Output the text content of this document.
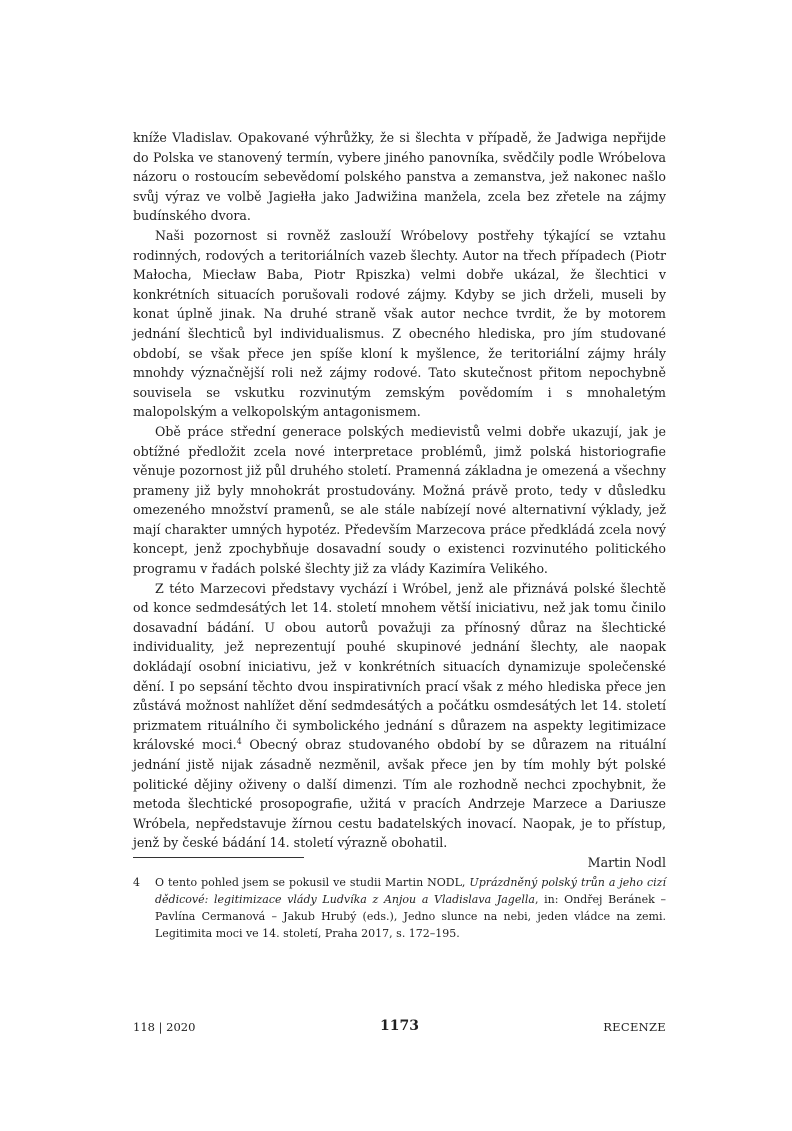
kníže Vladislav. Opakované výhrůžky, že si šlechta v případě, že Jadwiga nepřijde do Polska ve stanovený termín, vybere jiného panovníka, svědčily podle Wróbelova názoru o rostoucím sebevědomí polského panstva a zemanstva, jež nakonec našlo svůj výraz ve volbě Jagiełła jako Jadwižina manžela, zcela bez zřetele na zájmy budínského dvora.

Naši pozornost si rovněž zaslouží Wróbelovy postřehy týkající se vztahu rodinných, rodových a teritoriálních vazeb šlechty. Autor na třech případech (Piotr Małocha, Miecław Baba, Piotr Rpiszka) velmi dobře ukázal, že šlechtici v konkrétních situacích porušovali rodové zájmy. Kdyby se jich drželi, museli by konat úplně jinak. Na druhé straně však autor nechce tvrdit, že by motorem jednání šlechticů byl individualismus. Z obecného hlediska, pro jím studované období, se však přece jen spíše kloní k myšlence, že teritoriální zájmy hrály mnohdy význačnější roli než zájmy rodové. Tato skutečnost přitom nepochybně souvisela se vskutku rozvinutým zemským povědomím i s mnohaletým malopolským a velkopolským antagonismem.

Obě práce střední generace polských medievistů velmi dobře ukazují, jak je obtížné předložit zcela nové interpretace problémů, jimž polská historiografie věnuje pozornost již půl druhého století. Pramenná základna je omezená a všechny prameny již byly mnohokrát prostudovány. Možná právě proto, tedy v důsledku omezeného množství pramenů, se ale stále nabízejí nové alternativní výklady, jež mají charakter umných hypotéz. Především Marzecova práce předkládá zcela nový koncept, jenž zpochybňuje dosavadní soudy o existenci rozvinutého politického programu v řadách polské šlechty již za vlády Kazimíra Velikého.

Z této Marzecovi představy vychází i Wróbel, jenž ale přiznává polské šlechtě od konce sedmdesátých let 14. století mnohem větší iniciativu, než jak tomu činilo dosavadní bádání. U obou autorů považuji za přínosný důraz na šlechtické individuality, jež neprezentují pouhé skupinové jednání šlechty, ale naopak dokládají osobní iniciativu, jež v konkrétních situacích dynamizuje společenské dění. I po sepsání těchto dvou inspirativních prací však z mého hlediska přece jen zůstává možnost nahlížet dění sedmdesátých a počátku osmdesátých let 14. století prizmatem rituálního či symbolického jednání s důrazem na aspekty legitimizace královské moci.$^4$ Obecný obraz studovaného období by se důrazem na rituální jednání jistě nijak zásadně nezměnil, avšak přece jen by tím mohly být polské politické dějiny oživeny o další dimenzi. Tím ale rozhodně nechci zpochybnit, že metoda šlechtické prosopografie, užitá v pracích Andrzeje Marzece a Dariusze Wróbela, nepředstavuje žírnou cestu badatelských inovací. Naopak, je to přístup, jenž by české bádání 14. století výrazně obohatil.

Martin Nodl

4	O tento pohled jsem se pokusil ve studii Martin NODL, Uprázdněný polský trůn a jeho cizí dědicové: legitimizace vlády Ludvíka z Anjou a Vladislava Jagella, in: Ondřej Beránek – Pavlína Cermanová – Jakub Hrubý (eds.), Jedno slunce na nebi, jeden vládce na zemi. Legitimita moci ve 14. století, Praha 2017, s. 172–195.
118 | 2020	1173	RECENZE
